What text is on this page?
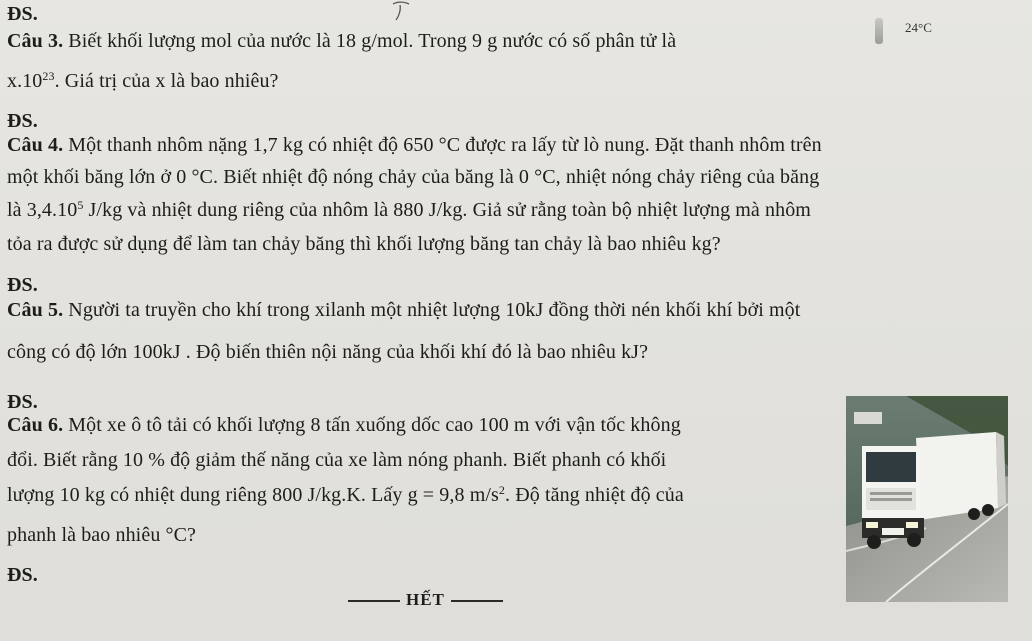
24°C
ĐS.
Câu 3. Biết khối lượng mol của nước là 18 g/mol. Trong 9 g nước có số phân tử là
$x.10^{23}$. Giá trị của x là bao nhiêu?
ĐS.
Câu 4. Một thanh nhôm nặng 1,7 kg có nhiệt độ 650 °C được ra lấy từ lò nung. Đặt thanh nhôm trên
một khối băng lớn ở 0 °C. Biết nhiệt độ nóng chảy của băng là 0 °C, nhiệt nóng chảy riêng của băng
là 3,4.10$^5$ J/kg và nhiệt dung riêng của nhôm là 880 J/kg. Giả sử rằng toàn bộ nhiệt lượng mà nhôm
tỏa ra được sử dụng để làm tan chảy băng thì khối lượng băng tan chảy là bao nhiêu kg?
ĐS.
Câu 5. Người ta truyền cho khí trong xilanh một nhiệt lượng 10kJ đồng thời nén khối khí bởi một
công có độ lớn 100kJ . Độ biến thiên nội năng của khối khí đó là bao nhiêu kJ?
ĐS.
Câu 6. Một xe ô tô tải có khối lượng 8 tấn xuống dốc cao 100 m với vận tốc không
đổi. Biết rằng 10 % độ giảm thế năng của xe làm nóng phanh. Biết phanh có khối
lượng 10 kg có nhiệt dung riêng 800 J/kg.K. Lấy g = 9,8 $m/s^2$. Độ tăng nhiệt độ của
phanh là bao nhiêu °C?
ĐS.
HẾT
